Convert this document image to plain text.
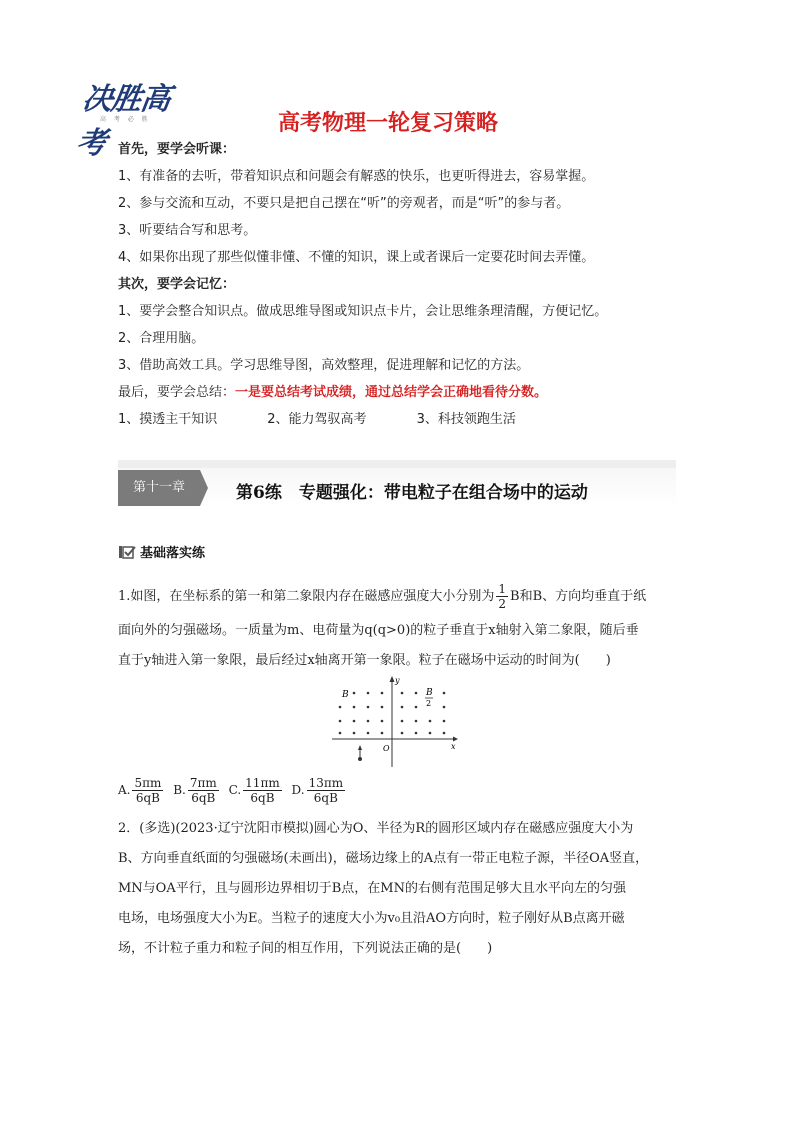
决胜高考
高 考 必 胜	高考物理一轮复习策略
首先，要学会听课：
1、有准备的去听，带着知识点和问题会有解惑的快乐，也更听得进去，容易掌握。
2、参与交流和互动，不要只是把自己摆在“听”的旁观者，而是“听”的参与者。
3、听要结合写和思考。
4、如果你出现了那些似懂非懂、不懂的知识，课上或者课后一定要花时间去弄懂。
其次，要学会记忆：
1、要学会整合知识点。做成思维导图或知识点卡片，会让思维条理清醒，方便记忆。
2、合理用脑。
3、借助高效工具。学习思维导图，高效整理，促进理解和记忆的方法。
最后，要学会总结：一是要总结考试成绩，通过总结学会正确地看待分数。
1、摸透主干知识	2、能力驾驭高考	3、科技领跑生活
第十一章	第6练　专题强化：带电粒子在组合场中的运动
基础落实练
1.如图，在坐标系的第一和第二象限内存在磁感应强度大小分别为 $\frac{1}{2}$ B和B、方向均垂直于纸
面向外的匀强磁场。一质量为m、电荷量为q(q>0)的粒子垂直于x轴射入第二象限，随后垂
直于y轴进入第一象限，最后经过x轴离开第一象限。粒子在磁场中运动的时间为(　　)
B	B
2
y
x
O
A. $\frac{5\pi m}{6qB} B$. $\frac{7\pi m}{6qB} C$. $\frac{11\pi m}{6qB} D$. $\frac{13\pi m}{6qB}$
2．(多选)(2023·辽宁沈阳市模拟)圆心为O、半径为R的圆形区域内存在磁感应强度大小为
B、方向垂直纸面的匀强磁场(未画出)，磁场边缘上的A点有一带正电粒子源，半径OA竖直，
MN与OA平行，且与圆形边界相切于B点，在MN的右侧有范围足够大且水平向左的匀强
电场，电场强度大小为E。当粒子的速度大小为v₀且沿AO方向时，粒子刚好从B点离开磁
场，不计粒子重力和粒子间的相互作用，下列说法正确的是(　　)
